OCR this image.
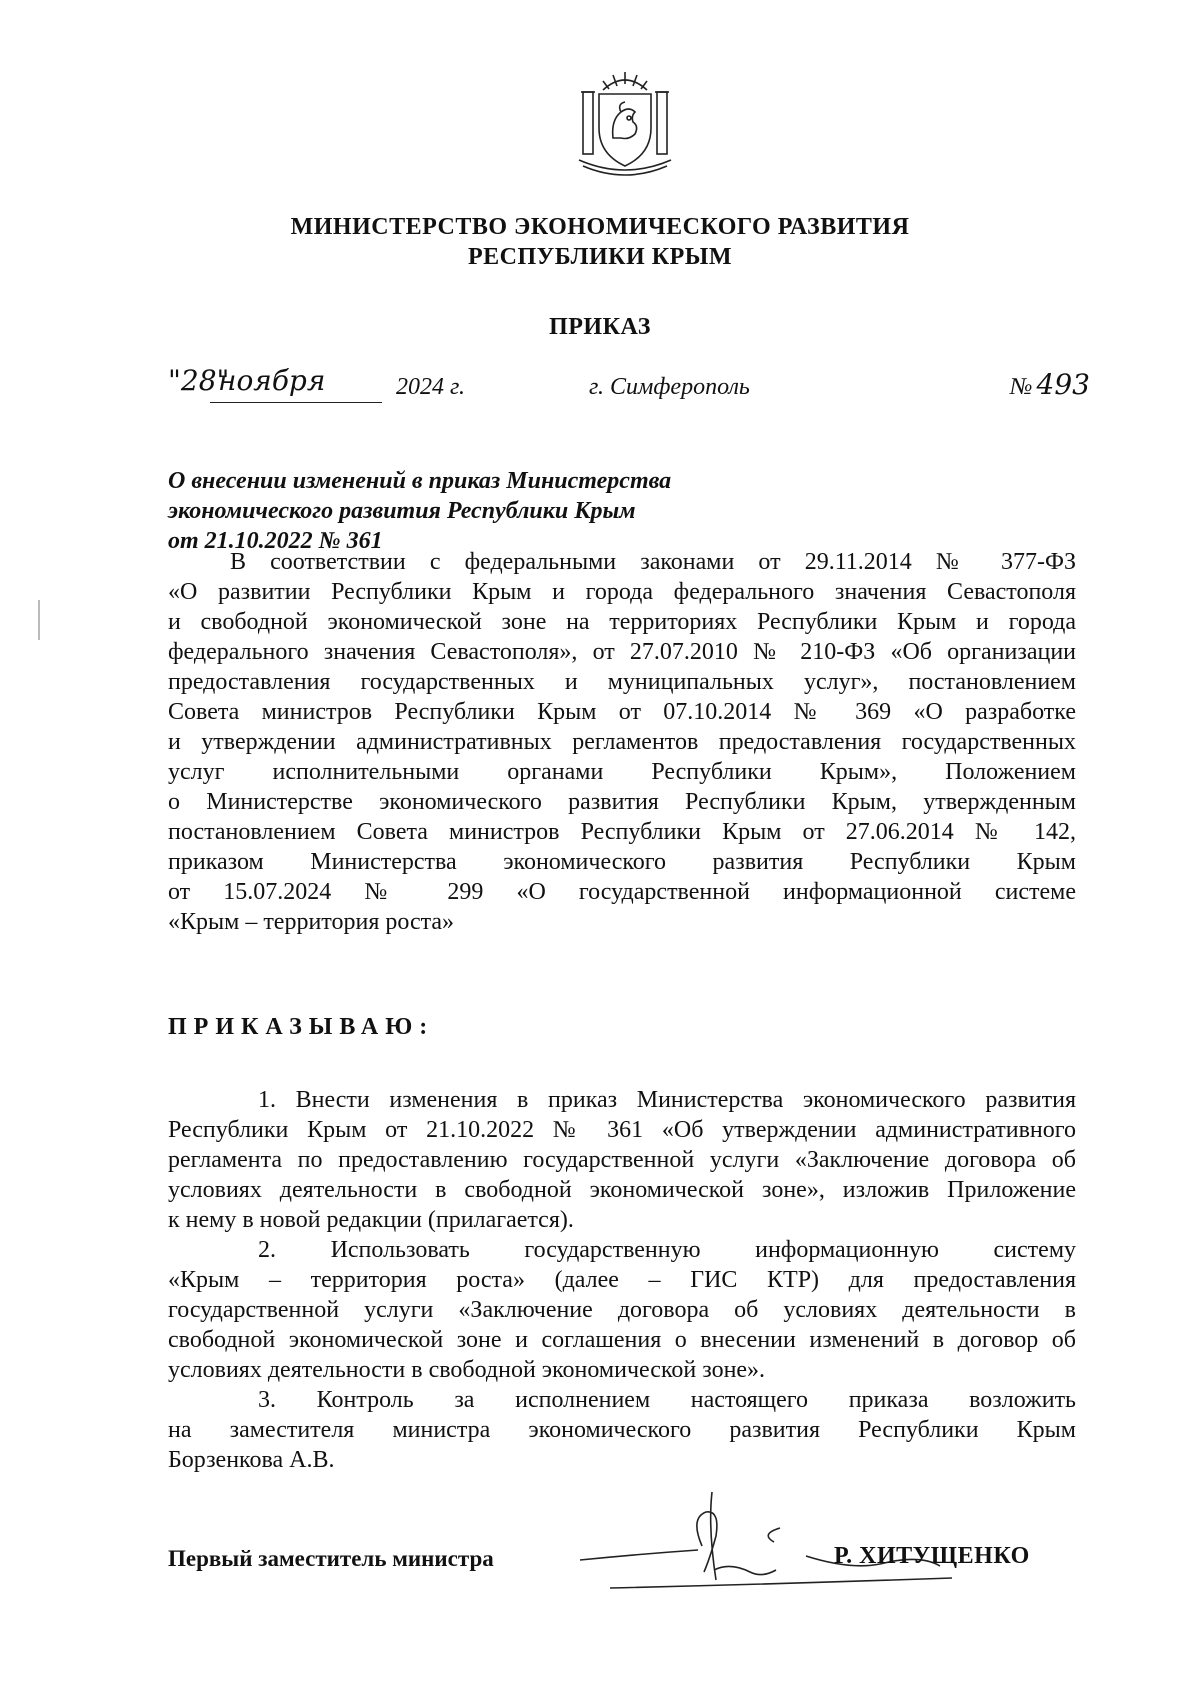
МИНИСТЕРСТВО ЭКОНОМИЧЕСКОГО РАЗВИТИЯ
РЕСПУБЛИКИ КРЫМ
ПРИКАЗ
"28"
ноября	2024 г.	г. Симферополь	№ 493
О внесении изменений в приказ Министерства
экономического развития Республики Крым
от 21.10.2022 № 361
В соответствии с федеральными законами от 29.11.2014 № 377-ФЗ
«О развитии Республики Крым и города федерального значения Севастополя
и свободной экономической зоне на территориях Республики Крым и города
федерального значения Севастополя», от 27.07.2010 № 210-ФЗ «Об организации
предоставления государственных и муниципальных услуг», постановлением
Совета министров Республики Крым от 07.10.2014 № 369 «О разработке
и утверждении административных регламентов предоставления государственных
услуг исполнительными органами Республики Крым», Положением
о Министерстве экономического развития Республики Крым, утвержденным
постановлением Совета министров Республики Крым от 27.06.2014 № 142,
приказом Министерства экономического развития Республики Крым
от 15.07.2024 № 299 «О государственной информационной системе
«Крым – территория роста»
ПРИКАЗЫВАЮ:
1. Внести изменения в приказ Министерства экономического развития
Республики Крым от 21.10.2022 № 361 «Об утверждении административного
регламента по предоставлению государственной услуги «Заключение договора об
условиях деятельности в свободной экономической зоне», изложив Приложение
к нему в новой редакции (прилагается).
2. Использовать государственную информационную систему
«Крым – территория роста» (далее – ГИС КТР) для предоставления
государственной услуги «Заключение договора об условиях деятельности в
свободной экономической зоне и соглашения о внесении изменений в договор об
условиях деятельности в свободной экономической зоне».
3. Контроль за исполнением настоящего приказа возложить
на заместителя министра экономического развития Республики Крым
Борзенкова А.В.
Первый заместитель министра	Р. ХИТУЩЕНКО
